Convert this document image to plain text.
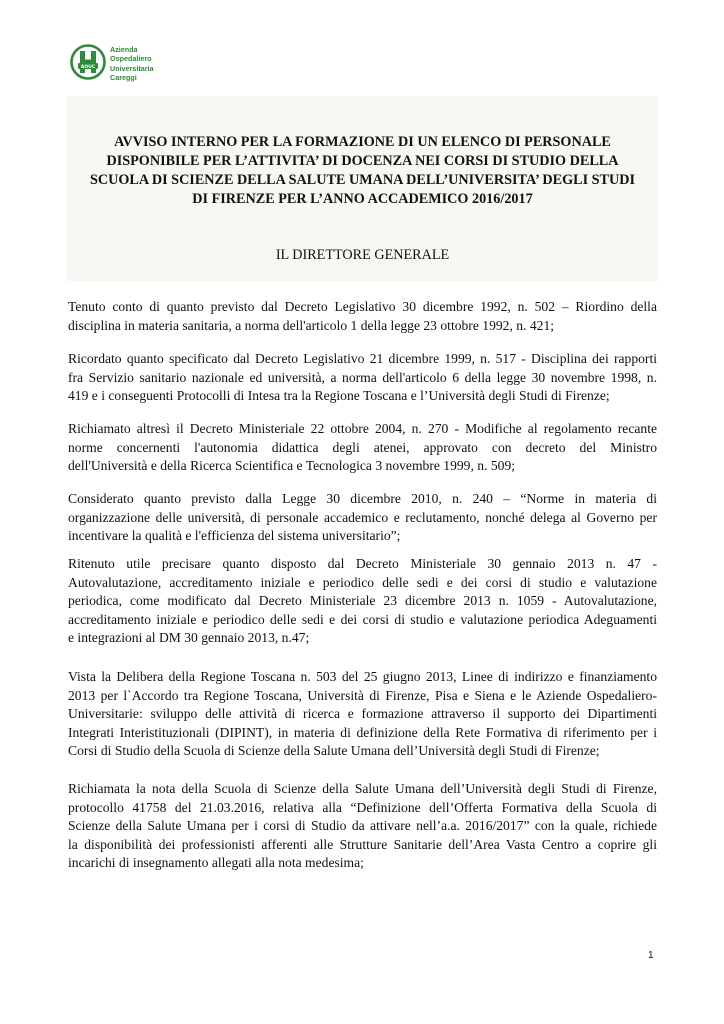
AOUC
Azienda
Ospedaliero
Universitaria
Careggi
AVVISO INTERNO PER LA FORMAZIONE DI UN ELENCO DI PERSONALE
DISPONIBILE PER L’ATTIVITA’ DI DOCENZA NEI CORSI DI STUDIO DELLA
SCUOLA DI SCIENZE DELLA SALUTE UMANA DELL’UNIVERSITA’ DEGLI STUDI
DI FIRENZE PER L’ANNO ACCADEMICO 2016/2017

IL DIRETTORE GENERALE

Tenuto conto di quanto previsto dal Decreto Legislativo 30 dicembre 1992, n. 502 – Riordino della
disciplina in materia sanitaria, a norma dell'articolo 1 della legge 23 ottobre 1992, n. 421;

Ricordato quanto specificato dal Decreto Legislativo 21 dicembre 1999, n. 517 - Disciplina dei rapporti
fra Servizio sanitario nazionale ed università, a norma dell'articolo 6 della legge 30 novembre 1998, n.
419 e i conseguenti Protocolli di Intesa tra la Regione Toscana e l’Università degli Studi di Firenze;

Richiamato altresì il Decreto Ministeriale 22 ottobre 2004, n. 270 - Modifiche al regolamento recante
norme concernenti l'autonomia didattica degli atenei, approvato con decreto del Ministro
dell'Università e della Ricerca Scientifica e Tecnologica 3 novembre 1999, n. 509;

Considerato quanto previsto dalla Legge 30 dicembre 2010, n. 240 – “Norme in materia di
organizzazione delle università, di personale accademico e reclutamento, nonché delega al Governo per
incentivare la qualità e l'efficienza del sistema universitario”;

Ritenuto utile precisare quanto disposto dal Decreto Ministeriale 30 gennaio 2013 n. 47 -
Autovalutazione, accreditamento iniziale e periodico delle sedi e dei corsi di studio e valutazione
periodica, come modificato dal Decreto Ministeriale 23 dicembre 2013 n. 1059 - Autovalutazione,
accreditamento iniziale e periodico delle sedi e dei corsi di studio e valutazione periodica Adeguamenti
e integrazioni al DM 30 gennaio 2013, n.47;

Vista la Delibera della Regione Toscana n. 503 del 25 giugno 2013, Linee di indirizzo e finanziamento
2013 per l`Accordo tra Regione Toscana, Università di Firenze, Pisa e Siena e le Aziende Ospedaliero-
Universitarie: sviluppo delle attività di ricerca e formazione attraverso il supporto dei Dipartimenti
Integrati Interistituzionali (DIPINT), in materia di definizione della Rete Formativa di riferimento per i
Corsi di Studio della Scuola di Scienze della Salute Umana dell’Università degli Studi di Firenze;

Richiamata la nota della Scuola di Scienze della Salute Umana dell’Università degli Studi di Firenze,
protocollo 41758 del 21.03.2016, relativa alla “Definizione dell’Offerta Formativa della Scuola di
Scienze della Salute Umana per i corsi di Studio da attivare nell’a.a. 2016/2017” con la quale, richiede
la disponibilità dei professionisti afferenti alle Strutture Sanitarie dell’Area Vasta Centro a coprire gli
incarichi di insegnamento allegati alla nota medesima;

1
